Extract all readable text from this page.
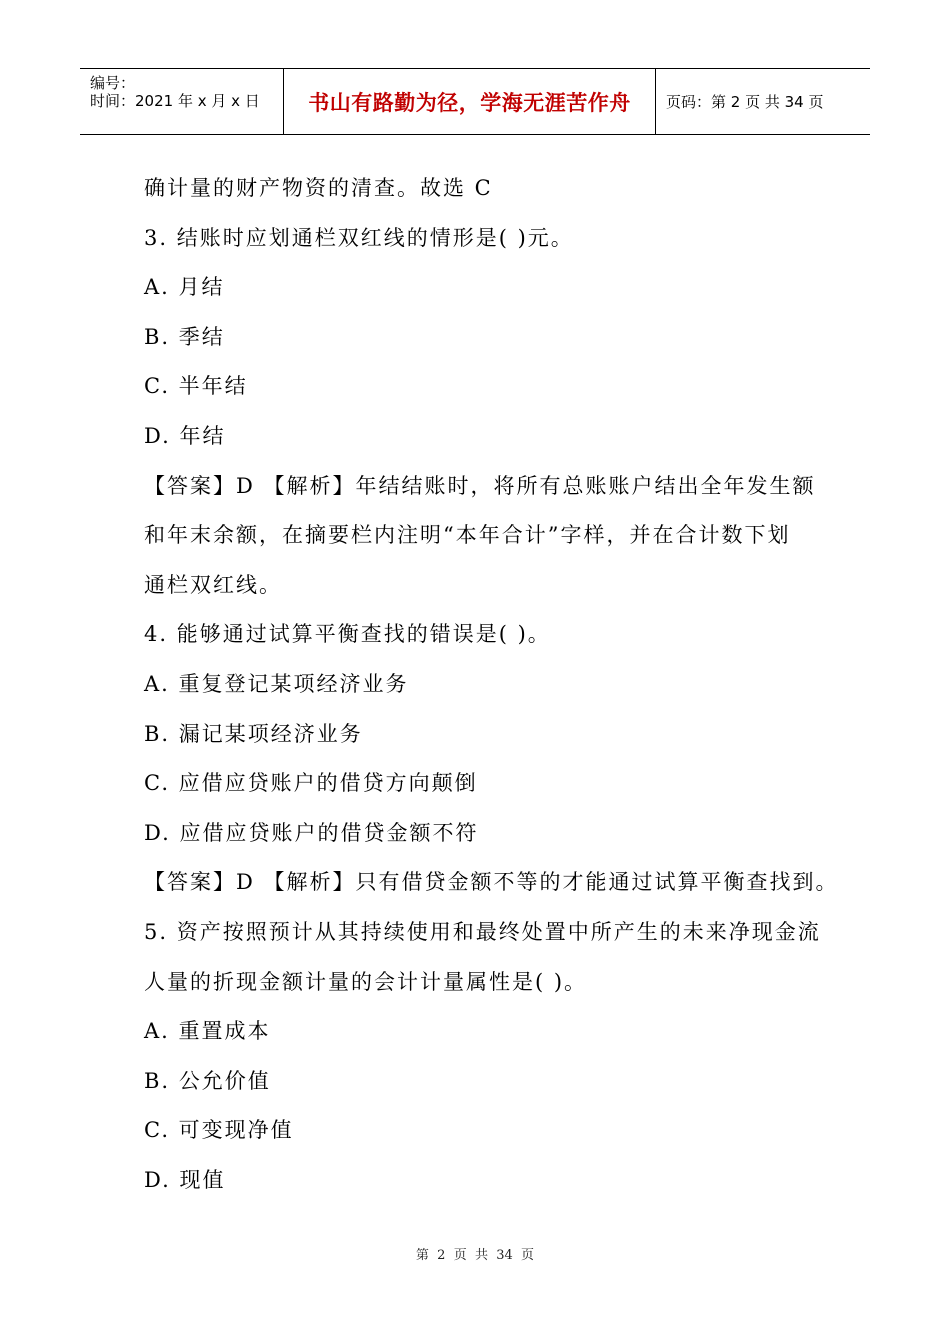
编号：
时间：2021 年 x 月 x 日 书山有路勤为径，学海无涯苦作舟 页码：第 2 页 共 34 页
确计量的财产物资的清查。故选 C
3. 结账时应划通栏双红线的情形是( )元。
A. 月结
B. 季结
C. 半年结
D. 年结
【答案】D 【解析】年结结账时，将所有总账账户结出全年发生额
和年末余额，在摘要栏内注明“本年合计”字样，并在合计数下划
通栏双红线。
4. 能够通过试算平衡查找的错误是( )。
A. 重复登记某项经济业务
B. 漏记某项经济业务
C. 应借应贷账户的借贷方向颠倒
D. 应借应贷账户的借贷金额不符
【答案】D 【解析】只有借贷金额不等的才能通过试算平衡查找到。
5. 资产按照预计从其持续使用和最终处置中所产生的未来净现金流
人量的折现金额计量的会计计量属性是( )。
A. 重置成本
B. 公允价值
C. 可变现净值
D. 现值
第  2  页  共  34  页
